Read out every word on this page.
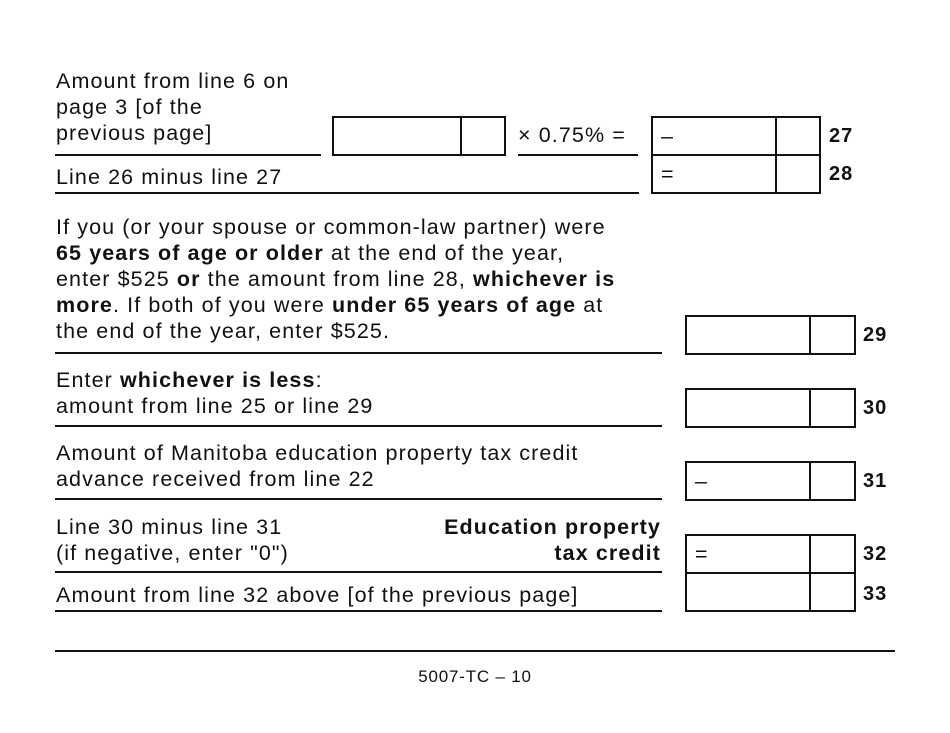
Amount from line 6 on
page 3 [of the
previous page]	× 0.75% = –	27
Line 26 minus line 27	=	28
If you (or your spouse or common-law partner) were
65 years of age or older at the end of the year,
enter $525 or the amount from line 28, whichever is
more. If both of you were under 65 years of age at
the end of the year, enter $525.	29
Enter whichever is less:
amount from line 25 or line 29	30
Amount of Manitoba education property tax credit
advance received from line 22	–	31
Line 30 minus line 31
(if negative, enter "0")
Education property
tax credit =	32
Amount from line 32 above [of the previous page]	33
5007-TC – 10
